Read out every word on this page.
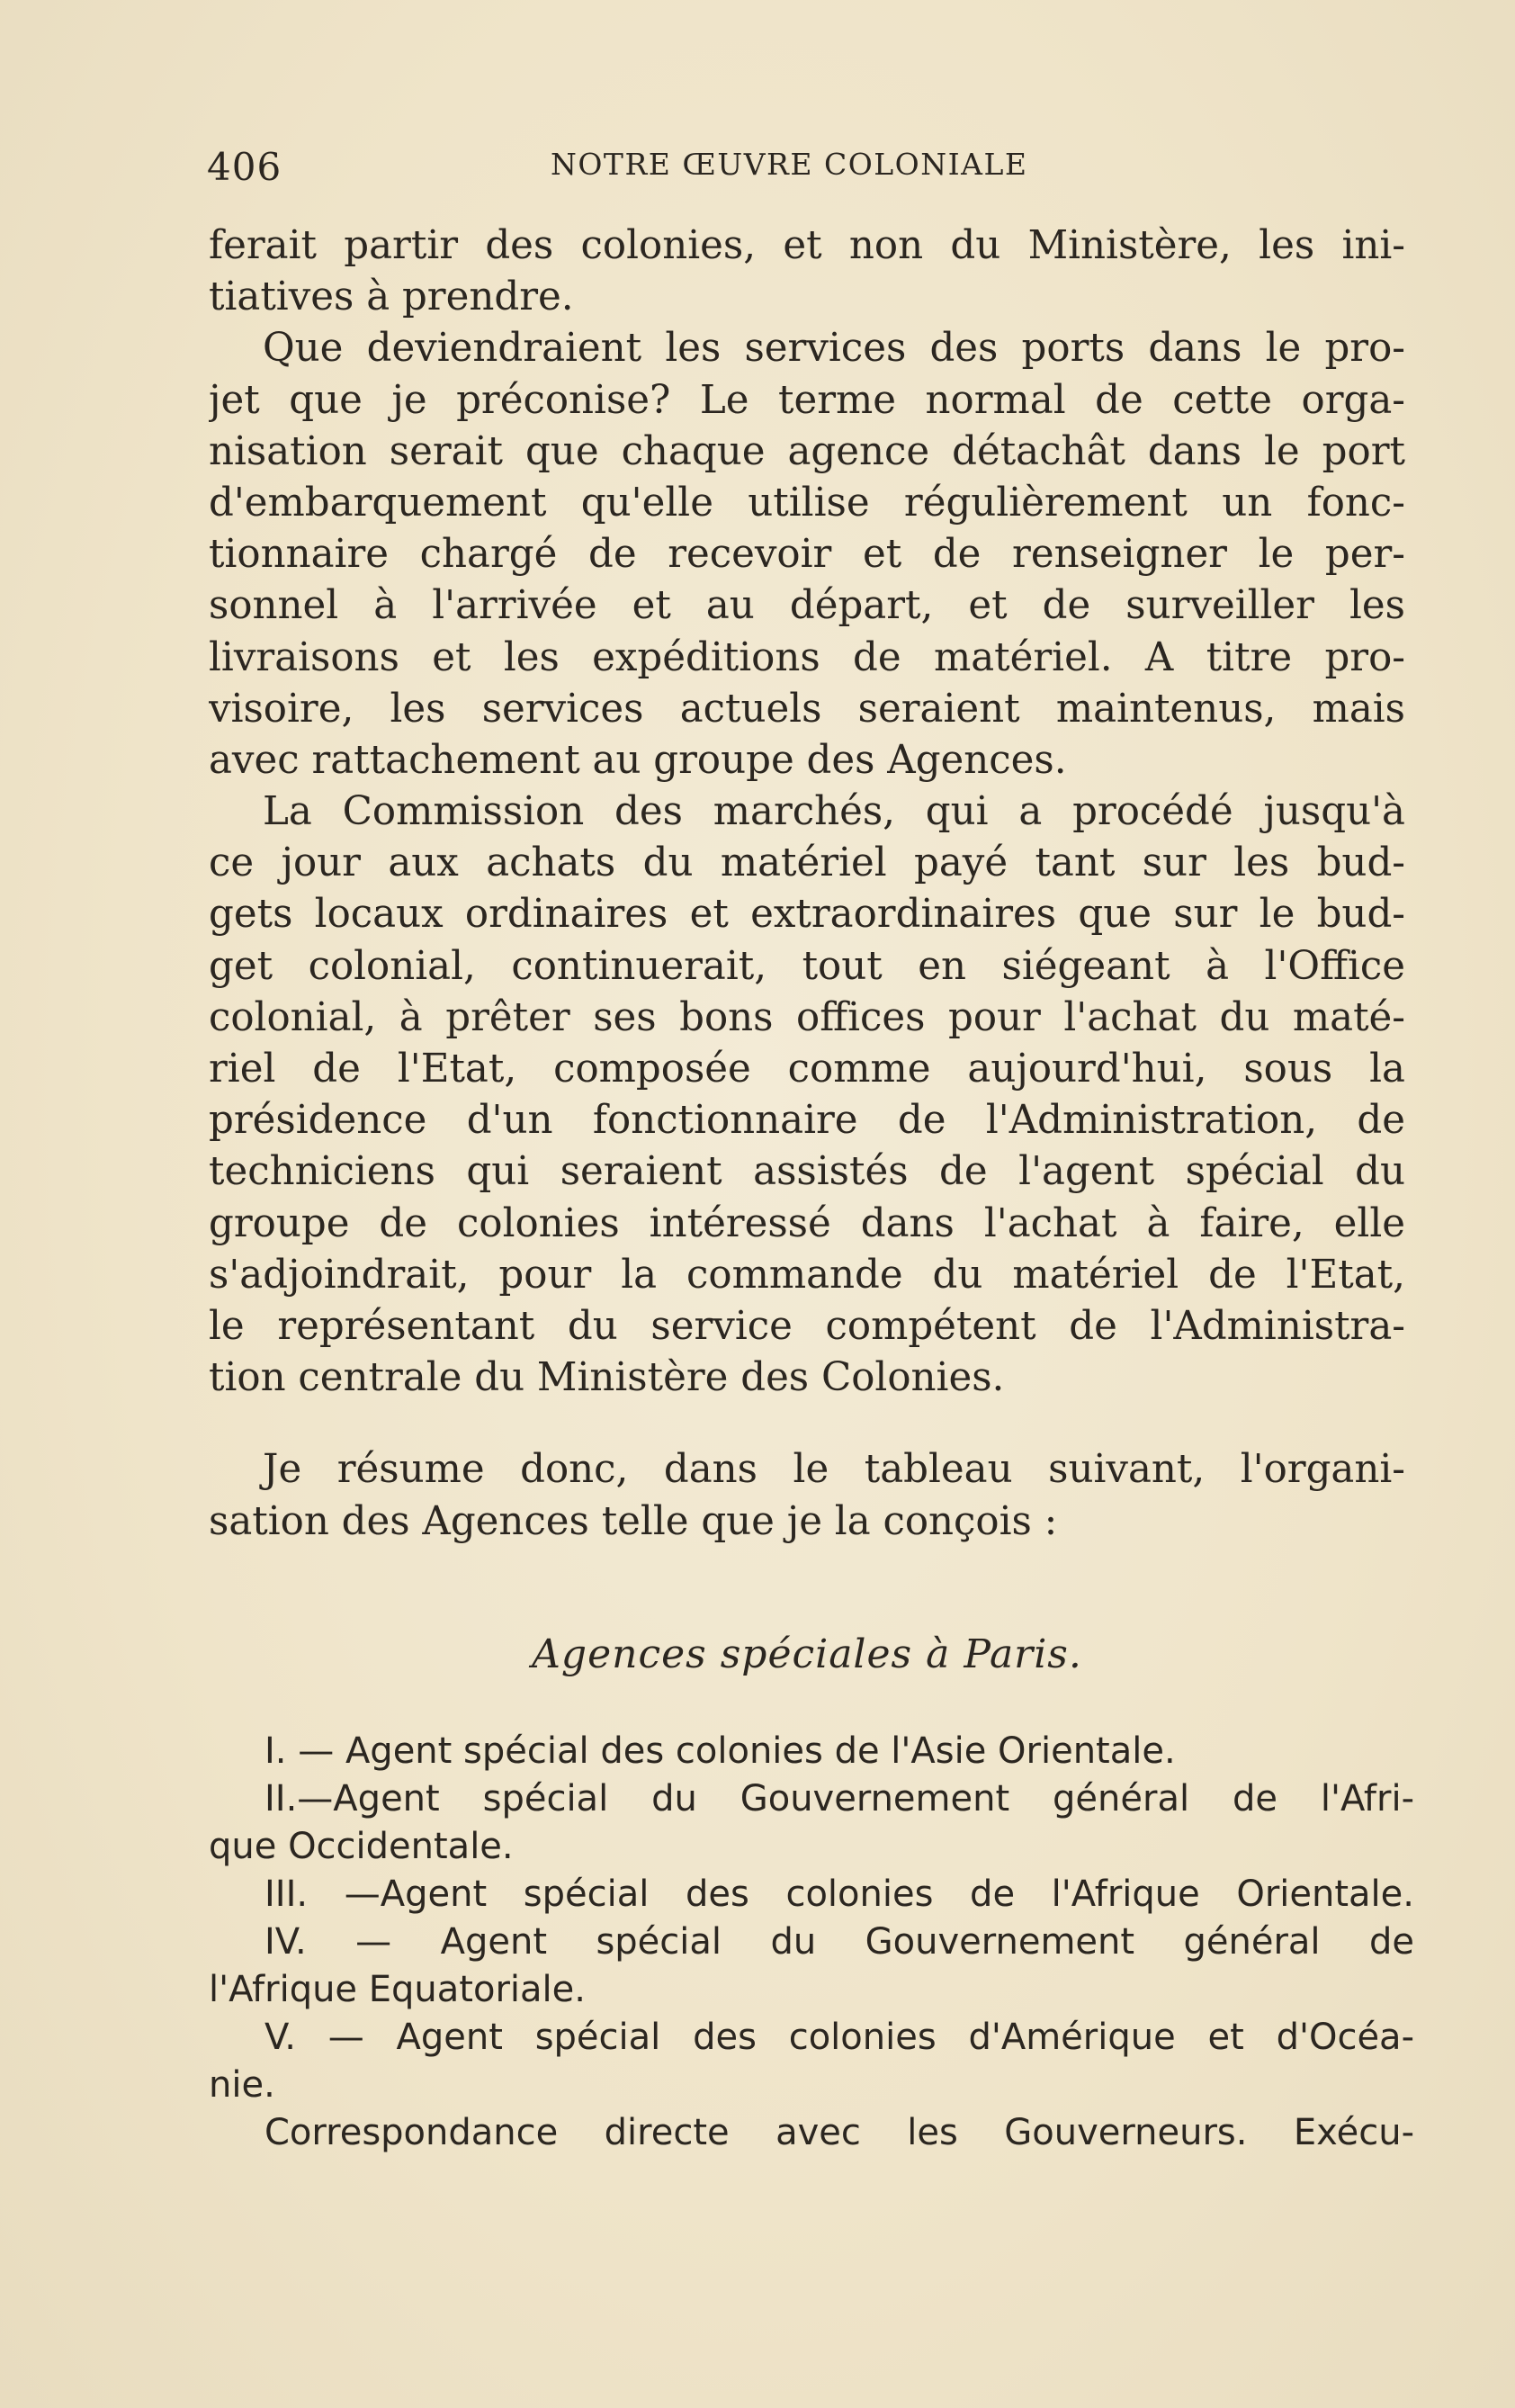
406	NOTRE ŒUVRE COLONIALE
ferait partir des colonies, et non du Ministère, les ini-
tiatives à prendre.
Que deviendraient les services des ports dans le pro-
jet que je préconise? Le terme normal de cette orga-
nisation serait que chaque agence détachât dans le port
d'embarquement qu'elle utilise régulièrement un fonc-
tionnaire chargé de recevoir et de renseigner le per-
sonnel à l'arrivée et au départ, et de surveiller les
livraisons et les expéditions de matériel. A titre pro-
visoire, les services actuels seraient maintenus, mais
avec rattachement au groupe des Agences.
La Commission des marchés, qui a procédé jusqu'à
ce jour aux achats du matériel payé tant sur les bud-
gets locaux ordinaires et extraordinaires que sur le bud-
get colonial, continuerait, tout en siégeant à l'Office
colonial, à prêter ses bons offices pour l'achat du maté-
riel de l'Etat, composée comme aujourd'hui, sous la
présidence d'un fonctionnaire de l'Administration, de
techniciens qui seraient assistés de l'agent spécial du
groupe de colonies intéressé dans l'achat à faire, elle
s'adjoindrait, pour la commande du matériel de l'Etat,
le représentant du service compétent de l'Administra-
tion centrale du Ministère des Colonies.
Je résume donc, dans le tableau suivant, l'organi-
sation des Agences telle que je la conçois :
Agences spéciales à Paris.
I. — Agent spécial des colonies de l'Asie Orientale.
II.—Agent spécial du Gouvernement général de l'Afri-
que Occidentale.
III. —Agent spécial des colonies de l'Afrique Orientale.
IV. — Agent spécial du Gouvernement général de
l'Afrique Equatoriale.
V. — Agent spécial des colonies d'Amérique et d'Océa-
nie.
Correspondance directe avec les Gouverneurs. Exécu-
